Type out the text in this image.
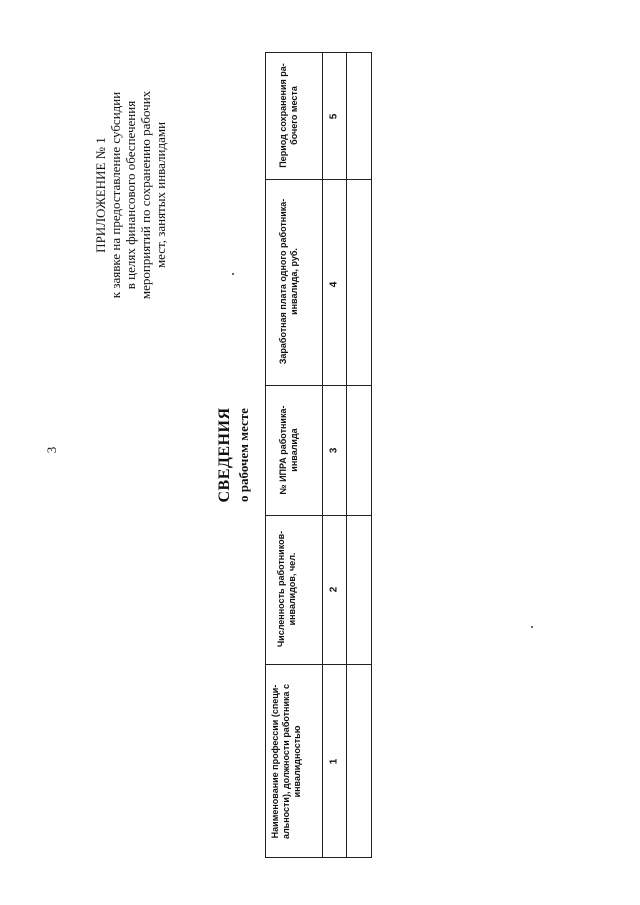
3
ПРИЛОЖЕНИЕ № 1 к заявке на предоставление субсидии в целях финансового обеспечения мероприятий по сохранению рабочих мест, занятых инвалидами
СВЕДЕНИЯ о рабочем месте
Наименование профессии (специ-альности), должности работника с инвалидностью
Численность работников-инвалидов, чел.
№ ИПРА работника-инвалида
Заработная плата одного работника-инвалида, руб.
Период сохранения ра-бочего места
1
2
3
4
5
